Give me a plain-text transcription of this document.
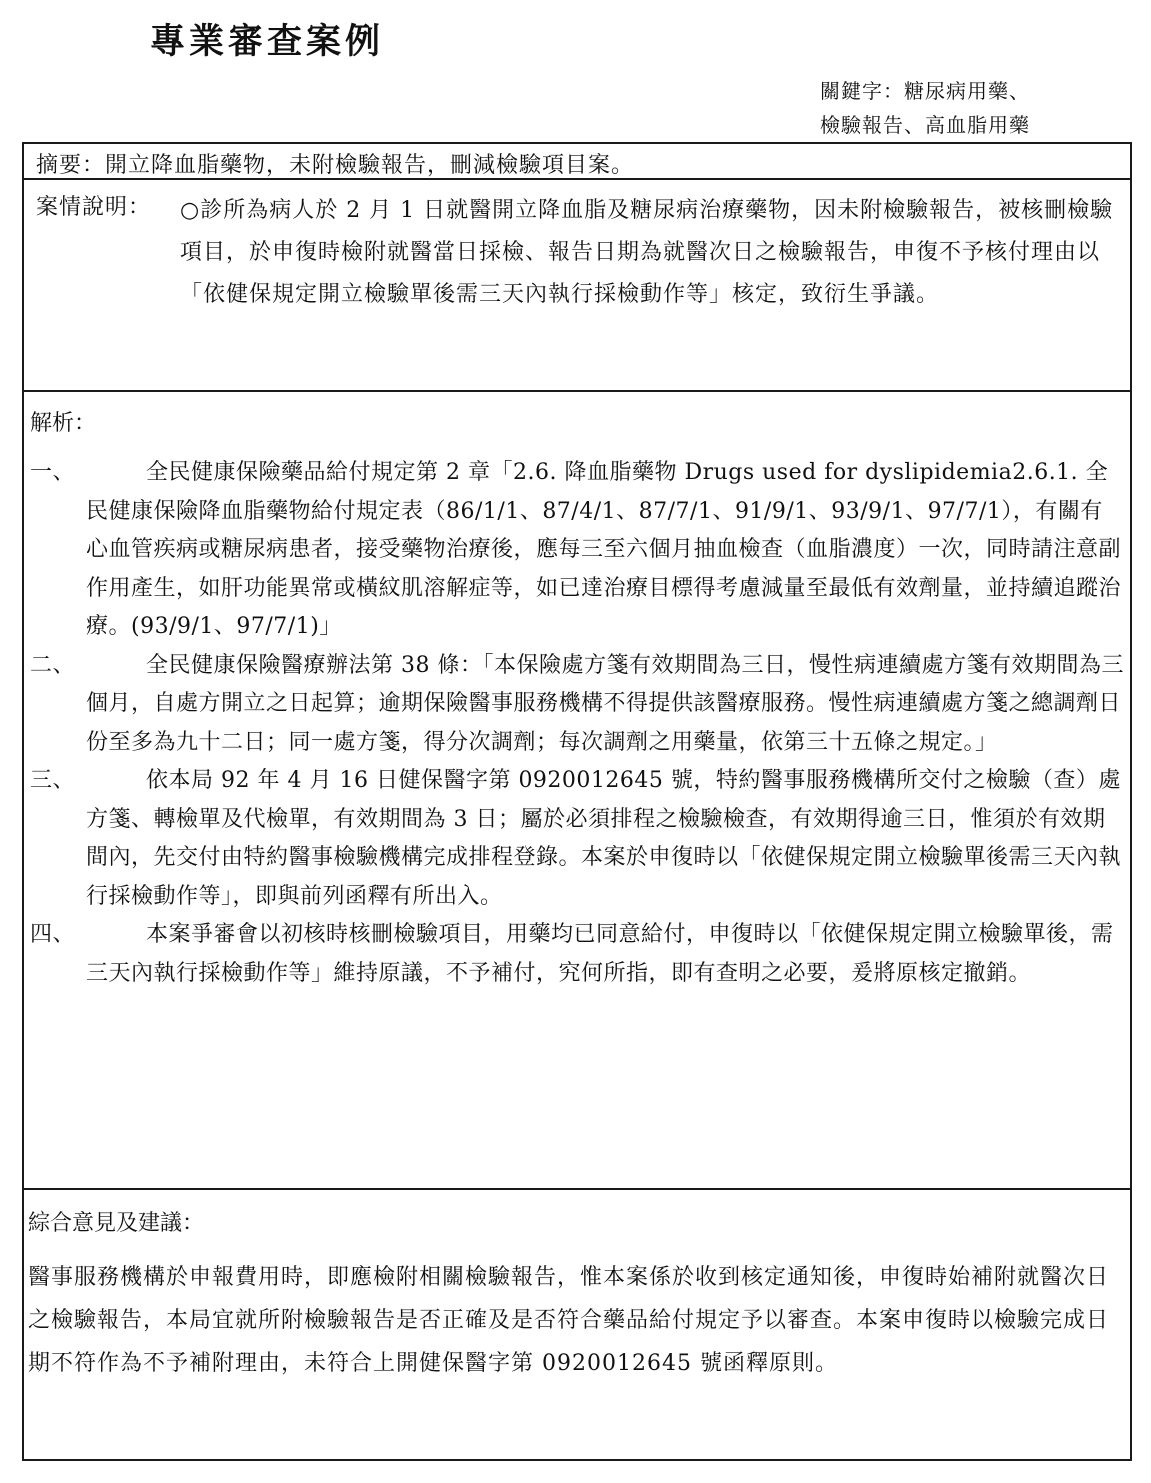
專業審查案例
關鍵字：糖尿病用藥、
檢驗報告、高血脂用藥
摘要：開立降血脂藥物，未附檢驗報告，刪減檢驗項目案。
案情說明： ○診所為病人於 2 月 1 日就醫開立降血脂及糖尿病治療藥物，因未附檢驗報告，被核刪檢驗項目，於申復時檢附就醫當日採檢、報告日期為就醫次日之檢驗報告，申復不予核付理由以「依健保規定開立檢驗單後需三天內執行採檢動作等」核定，致衍生爭議。
解析：
一、	全民健康保險藥品給付規定第 2 章「2.6. 降血脂藥物 Drugs used for dyslipidemia2.6.1. 全民健康保險降血脂藥物給付規定表（86/1/1、87/4/1、87/7/1、91/9/1、93/9/1、97/7/1），有關有心血管疾病或糖尿病患者，接受藥物治療後，應每三至六個月抽血檢查（血脂濃度）一次，同時請注意副作用產生，如肝功能異常或橫紋肌溶解症等，如已達治療目標得考慮減量至最低有效劑量，並持續追蹤治療。(93/9/1、97/7/1)」
二、	全民健康保險醫療辦法第 38 條：「本保險處方箋有效期間為三日，慢性病連續處方箋有效期間為三個月，自處方開立之日起算；逾期保險醫事服務機構不得提供該醫療服務。慢性病連續處方箋之總調劑日份至多為九十二日；同一處方箋，得分次調劑；每次調劑之用藥量，依第三十五條之規定。」
三、	依本局 92 年 4 月 16 日健保醫字第 0920012645 號，特約醫事服務機構所交付之檢驗（查）處方箋、轉檢單及代檢單，有效期間為 3 日；屬於必須排程之檢驗檢查，有效期得逾三日，惟須於有效期間內，先交付由特約醫事檢驗機構完成排程登錄。本案於申復時以「依健保規定開立檢驗單後需三天內執行採檢動作等」，即與前列函釋有所出入。
四、	本案爭審會以初核時核刪檢驗項目，用藥均已同意給付，申復時以「依健保規定開立檢驗單後，需三天內執行採檢動作等」維持原議，不予補付，究何所指，即有查明之必要，爰將原核定撤銷。
綜合意見及建議：
醫事服務機構於申報費用時，即應檢附相關檢驗報告，惟本案係於收到核定通知後，申復時始補附就醫次日之檢驗報告，本局宜就所附檢驗報告是否正確及是否符合藥品給付規定予以審查。本案申復時以檢驗完成日期不符作為不予補附理由，未符合上開健保醫字第 0920012645 號函釋原則。
